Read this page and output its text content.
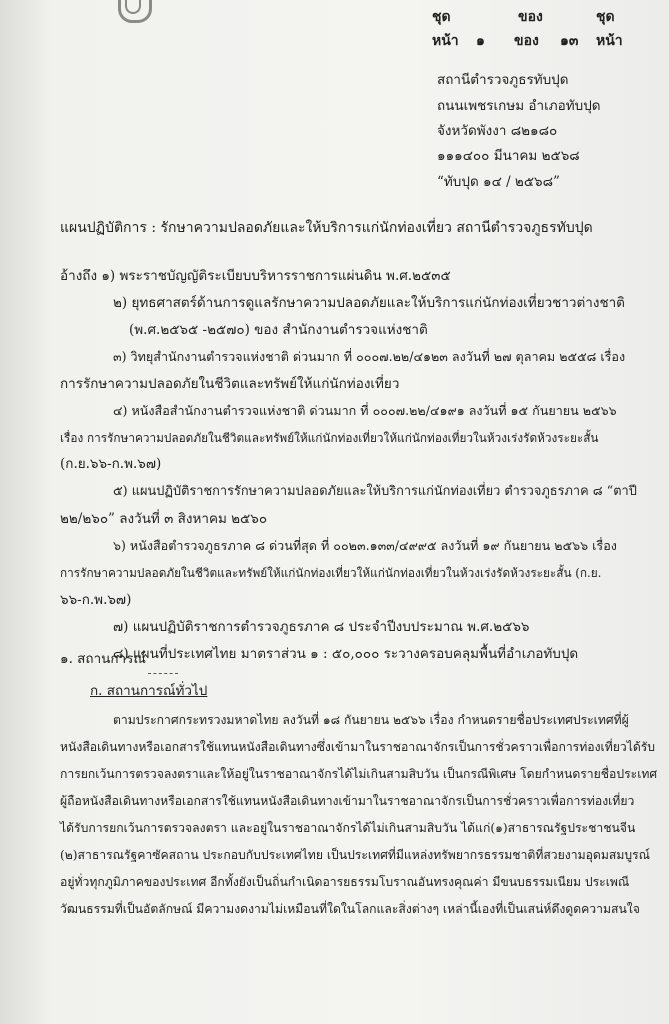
ชุด	ของ	ชุด
หน้า ๑ ของ ๑๓ หน้า
สถานีตำรวจภูธรทับปุด
ถนนเพชรเกษม อำเภอทับปุด
จังหวัดพังงา ๘๒๑๘๐
๑๑๑๔๐๐ มีนาคม ๒๕๖๘
“ทับปุด ๑๔ / ๒๕๖๘”
แผนปฏิบัติการ : รักษาความปลอดภัยและให้บริการแก่นักท่องเที่ยว สถานีตำรวจภูธรทับปุด
อ้างถึง ๑) พระราชบัญญัติระเบียบบริหารราชการแผ่นดิน พ.ศ.๒๕๓๕
๒) ยุทธศาสตร์ด้านการดูแลรักษาความปลอดภัยและให้บริการแก่นักท่องเที่ยวชาวต่างชาติ
(พ.ศ.๒๕๖๕ -๒๕๗๐) ของ สำนักงานตำรวจแห่งชาติ
๓) วิทยุสำนักงานตำรวจแห่งชาติ ด่วนมาก ที่ ๐๐๐๗.๒๒/๔๑๒๓ ลงวันที่ ๒๗ ตุลาคม ๒๕๕๘ เรื่อง
การรักษาความปลอดภัยในชีวิตและทรัพย์ให้แก่นักท่องเที่ยว
๔) หนังสือสำนักงานตำรวจแห่งชาติ ด่วนมาก ที่ ๐๐๐๗.๒๒/๔๑๙๑ ลงวันที่ ๑๕ กันยายน ๒๕๖๖
เรื่อง การรักษาความปลอดภัยในชีวิตและทรัพย์ให้แก่นักท่องเที่ยวให้แก่นักท่องเที่ยวในห้วงเร่งรัดห้วงระยะสั้น
(ก.ย.๖๖-ก.พ.๖๗)
๕) แผนปฏิบัติราชการรักษาความปลอดภัยและให้บริการแก่นักท่องเที่ยว ตำรวจภูธรภาค ๘ “ตาปี
๒๒/๒๖๐” ลงวันที่ ๓ สิงหาคม ๒๕๖๐
๖) หนังสือตำรวจภูธรภาค ๘ ด่วนที่สุด ที่ ๐๐๒๓.๑๓๓/๔๙๙๕ ลงวันที่ ๑๙ กันยายน ๒๕๖๖ เรื่อง
การรักษาความปลอดภัยในชีวิตและทรัพย์ให้แก่นักท่องเที่ยวให้แก่นักท่องเที่ยวในห้วงเร่งรัดห้วงระยะสั้น (ก.ย.
๖๖-ก.พ.๖๗)
๗) แผนปฏิบัติราชการตำรวจภูธรภาค ๘ ประจำปีงบประมาณ พ.ศ.๒๕๖๖
๘) แผนที่ประเทศไทย มาตราส่วน ๑ : ๕๐,๐๐๐ ระวางครอบคลุมพื้นที่อำเภอทับปุด
๑. สถานการณ์
ก. สถานการณ์ทั่วไป
ตามประกาศกระทรวงมหาดไทย ลงวันที่ ๑๘ กันยายน ๒๕๖๖ เรื่อง กำหนดรายชื่อประเทศประเทศที่ผู้
หนังสือเดินทางหรือเอกสารใช้แทนหนังสือเดินทางซึ่งเข้ามาในราชอาณาจักรเป็นการชั่วคราวเพื่อการท่องเที่ยวได้รับ
การยกเว้นการตรวจลงตราและให้อยู่ในราชอาณาจักรได้ไม่เกินสามสิบวัน เป็นกรณีพิเศษ โดยกำหนดรายชื่อประเทศ
ผู้ถือหนังสือเดินทางหรือเอกสารใช้แทนหนังสือเดินทางเข้ามาในราชอาณาจักรเป็นการชั่วคราวเพื่อการท่องเที่ยว
ได้รับการยกเว้นการตรวจลงตรา และอยู่ในราชอาณาจักรได้ไม่เกินสามสิบวัน ได้แก่(๑)สาธารณรัฐประชาชนจีน
(๒)สาธารณรัฐคาซัคสถาน ประกอบกับประเทศไทย เป็นประเทศที่มีแหล่งทรัพยากรธรรมชาติที่สวยงามอุดมสมบูรณ์
อยู่ทั่วทุกภูมิภาคของประเทศ อีกทั้งยังเป็นถิ่นกำเนิดอารยธรรมโบราณอันทรงคุณค่า มีขนบธรรมเนียม ประเพณี
วัฒนธรรมที่เป็นอัตลักษณ์ มีความงดงามไม่เหมือนที่ใดในโลกและสิ่งต่างๆ เหล่านี้เองที่เป็นเสน่ห์ดึงดูดความสนใจ
